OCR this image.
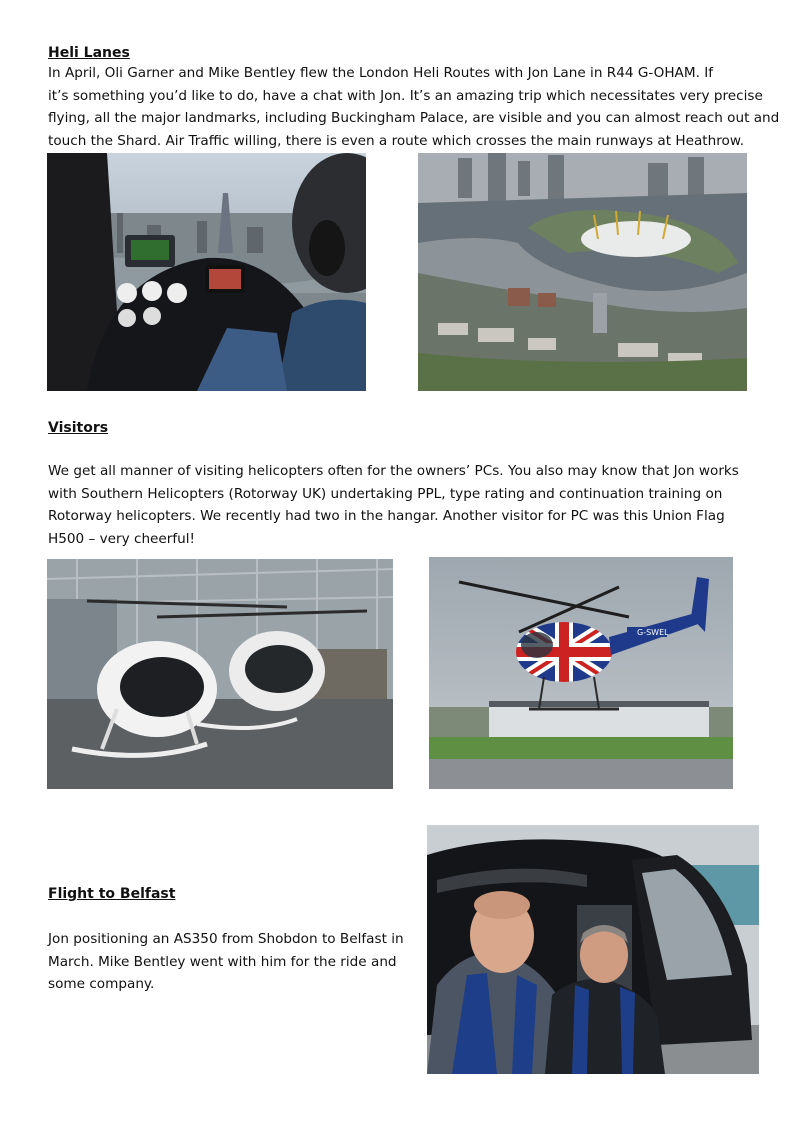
Heli Lanes
In April, Oli Garner and Mike Bentley flew the London Heli Routes with Jon Lane in R44 G-OHAM. If
it’s something you’d like to do, have a chat with Jon. It’s an amazing trip which necessitates very precise
flying, all the major landmarks, including Buckingham Palace, are visible and you can almost reach out and
touch the Shard. Air Traffic willing, there is even a route which crosses the main runways at Heathrow.
Visitors
We get all manner of visiting helicopters often for the owners’ PCs. You also may know that Jon works
with Southern Helicopters (Rotorway UK) undertaking PPL, type rating and continuation training on
Rotorway helicopters. We recently had two in the hangar. Another visitor for PC was this Union Flag
H500 – very cheerful!
G-SWEL
Flight to Belfast
Jon positioning an AS350 from Shobdon to Belfast in
March. Mike Bentley went with him for the ride and
some company.
